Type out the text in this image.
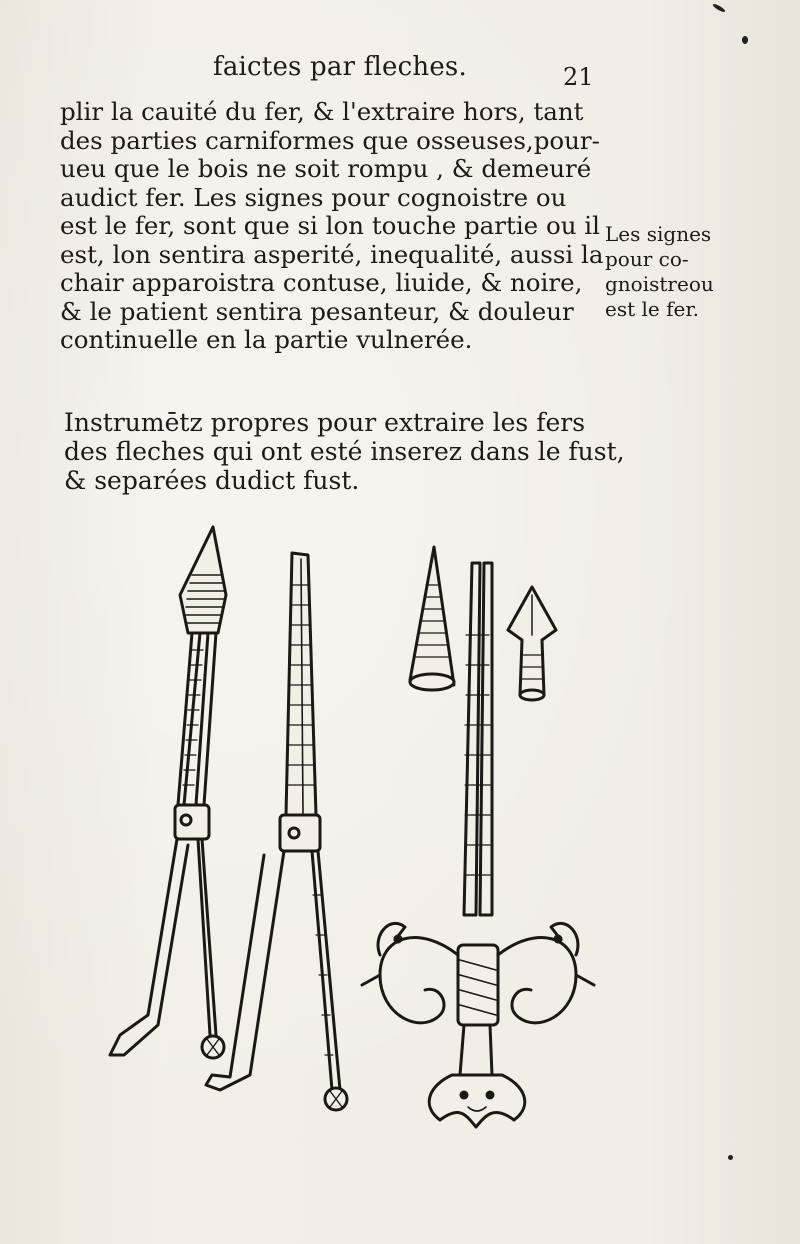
faictes par fleches.	21
plir la cauité du fer, & l'extraire hors, tant
des parties carniformes que osseuses,pour-
ueu que le bois ne soit rompu , & demeuré
audict fer. Les signes pour cognoistre ou
est le fer, sont que si lon touche partie ou il
est, lon sentira asperité, inequalité, aussi la
chair apparoistra contuse, liuide, & noire,
& le patient sentira pesanteur, & douleur
continuelle en la partie vulnerée.
Les signes
pour co-
gnoistreou
est le fer.
Instrumētz propres pour extraire les fers
des fleches qui ont esté inserez dans le fust,
& separées dudict fust.
